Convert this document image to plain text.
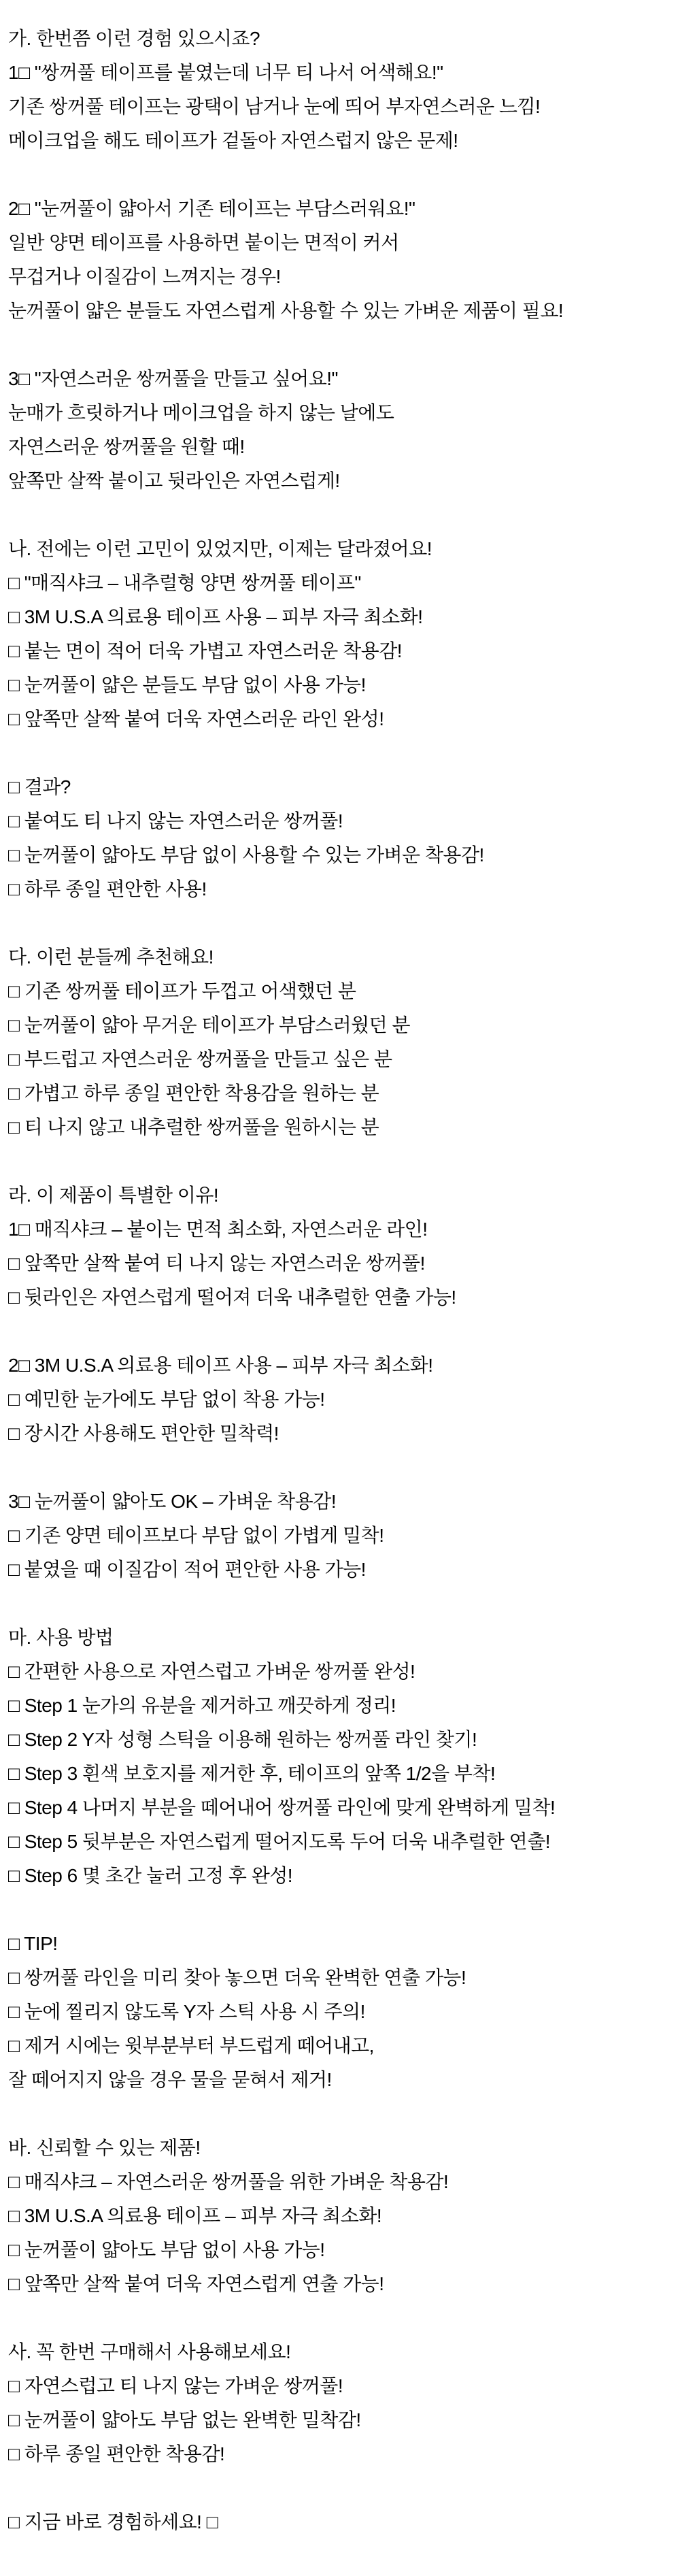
가. 한번쯤 이런 경험 있으시죠?

1□ "쌍꺼풀 테이프를 붙였는데 너무 티 나서 어색해요!"

기존 쌍꺼풀 테이프는 광택이 남거나 눈에 띄어 부자연스러운 느낌!

메이크업을 해도 테이프가 겉돌아 자연스럽지 않은 문제!

2□ "눈꺼풀이 얇아서 기존 테이프는 부담스러워요!"

일반 양면 테이프를 사용하면 붙이는 면적이 커서

무겁거나 이질감이 느껴지는 경우!

눈꺼풀이 얇은 분들도 자연스럽게 사용할 수 있는 가벼운 제품이 필요!

3□ "자연스러운 쌍꺼풀을 만들고 싶어요!"

눈매가 흐릿하거나 메이크업을 하지 않는 날에도

자연스러운 쌍꺼풀을 원할 때!

앞쪽만 살짝 붙이고 뒷라인은 자연스럽게!

나. 전에는 이런 고민이 있었지만, 이제는 달라졌어요!

□ "매직샤크 – 내추럴형 양면 쌍꺼풀 테이프"

□ 3M U.S.A 의료용 테이프 사용 – 피부 자극 최소화!

□ 붙는 면이 적어 더욱 가볍고 자연스러운 착용감!

□ 눈꺼풀이 얇은 분들도 부담 없이 사용 가능!

□ 앞쪽만 살짝 붙여 더욱 자연스러운 라인 완성!

□ 결과?

□ 붙여도 티 나지 않는 자연스러운 쌍꺼풀!

□ 눈꺼풀이 얇아도 부담 없이 사용할 수 있는 가벼운 착용감!

□ 하루 종일 편안한 사용!

다. 이런 분들께 추천해요!

□ 기존 쌍꺼풀 테이프가 두껍고 어색했던 분

□ 눈꺼풀이 얇아 무거운 테이프가 부담스러웠던 분

□ 부드럽고 자연스러운 쌍꺼풀을 만들고 싶은 분

□ 가볍고 하루 종일 편안한 착용감을 원하는 분

□ 티 나지 않고 내추럴한 쌍꺼풀을 원하시는 분

라. 이 제품이 특별한 이유!

1□ 매직샤크 – 붙이는 면적 최소화, 자연스러운 라인!

□ 앞쪽만 살짝 붙여 티 나지 않는 자연스러운 쌍꺼풀!

□ 뒷라인은 자연스럽게 떨어져 더욱 내추럴한 연출 가능!

2□ 3M U.S.A 의료용 테이프 사용 – 피부 자극 최소화!

□ 예민한 눈가에도 부담 없이 착용 가능!

□ 장시간 사용해도 편안한 밀착력!

3□ 눈꺼풀이 얇아도 OK – 가벼운 착용감!

□ 기존 양면 테이프보다 부담 없이 가볍게 밀착!

□ 붙였을 때 이질감이 적어 편안한 사용 가능!

마. 사용 방법

□ 간편한 사용으로 자연스럽고 가벼운 쌍꺼풀 완성!

□ Step 1 눈가의 유분을 제거하고 깨끗하게 정리!

□ Step 2 Y자 성형 스틱을 이용해 원하는 쌍꺼풀 라인 찾기!

□ Step 3 흰색 보호지를 제거한 후, 테이프의 앞쪽 1/2을 부착!

□ Step 4 나머지 부분을 떼어내어 쌍꺼풀 라인에 맞게 완벽하게 밀착!

□ Step 5 뒷부분은 자연스럽게 떨어지도록 두어 더욱 내추럴한 연출!

□ Step 6 몇 초간 눌러 고정 후 완성!

□ TIP!

□ 쌍꺼풀 라인을 미리 찾아 놓으면 더욱 완벽한 연출 가능!

□ 눈에 찔리지 않도록 Y자 스틱 사용 시 주의!

□ 제거 시에는 윗부분부터 부드럽게 떼어내고,

잘 떼어지지 않을 경우 물을 묻혀서 제거!

바. 신뢰할 수 있는 제품!

□ 매직샤크 – 자연스러운 쌍꺼풀을 위한 가벼운 착용감!

□ 3M U.S.A 의료용 테이프 – 피부 자극 최소화!

□ 눈꺼풀이 얇아도 부담 없이 사용 가능!

□ 앞쪽만 살짝 붙여 더욱 자연스럽게 연출 가능!

사. 꼭 한번 구매해서 사용해보세요!

□ 자연스럽고 티 나지 않는 가벼운 쌍꺼풀!

□ 눈꺼풀이 얇아도 부담 없는 완벽한 밀착감!

□ 하루 종일 편안한 착용감!

□ 지금 바로 경험하세요! □
